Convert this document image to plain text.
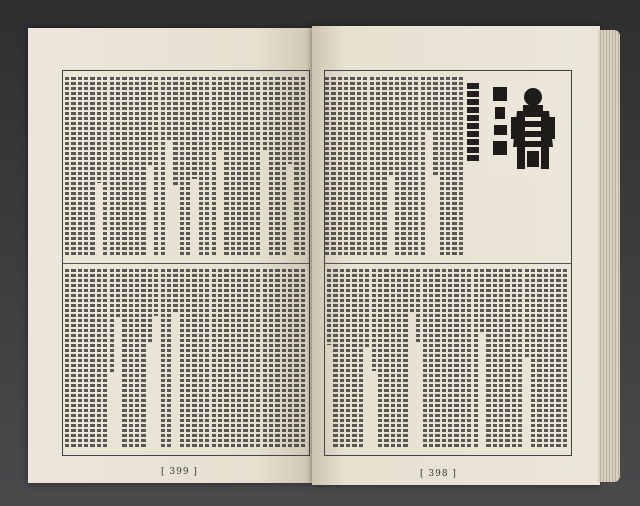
[ 399 ]	[ 398 ]
